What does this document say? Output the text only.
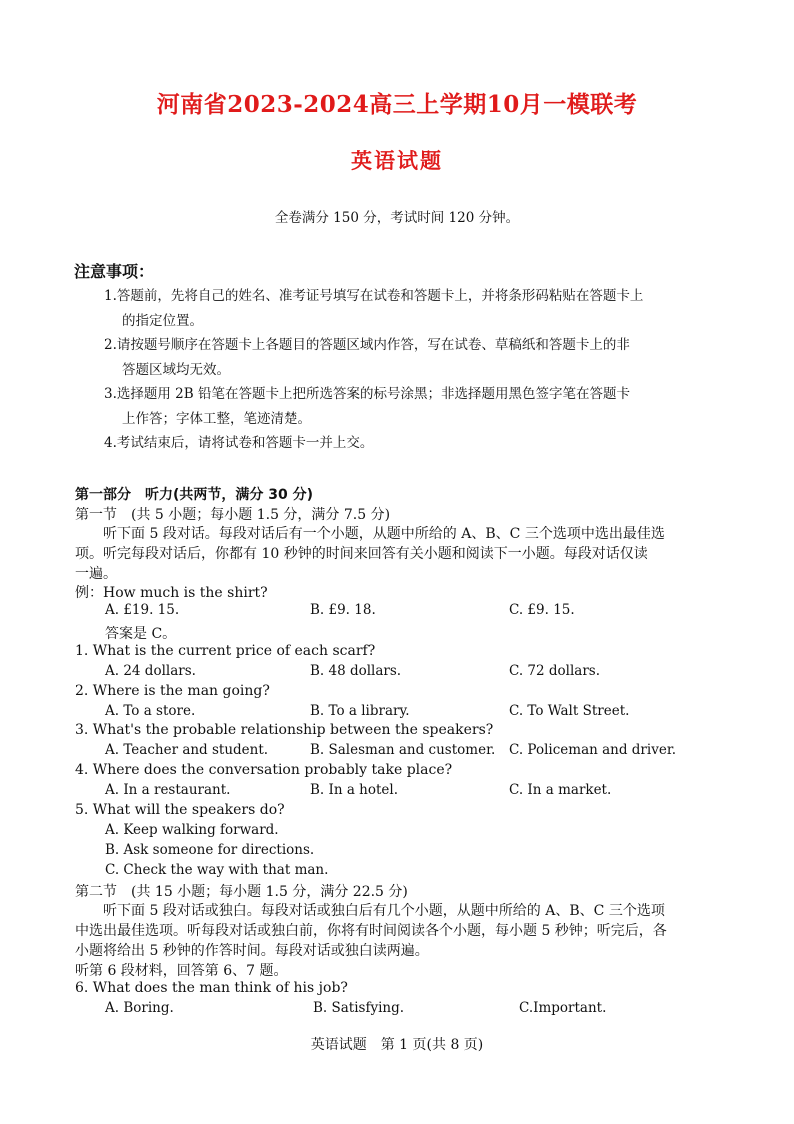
河南省2023-2024高三上学期10月一模联考
英语试题
全卷满分 150 分，考试时间 120 分钟。
注意事项：
1.答题前，先将自己的姓名、准考证号填写在试卷和答题卡上，并将条形码粘贴在答题卡上
的指定位置。
2.请按题号顺序在答题卡上各题目的答题区域内作答，写在试卷、草稿纸和答题卡上的非
答题区域均无效。
3.选择题用 2B 铅笔在答题卡上把所选答案的标号涂黑；非选择题用黑色签字笔在答题卡
上作答；字体工整，笔迹清楚。
4.考试结束后，请将试卷和答题卡一并上交。
第一部分　听力(共两节，满分 30 分)
第一节　(共 5 小题；每小题 1.5 分，满分 7.5 分)
听下面 5 段对话。每段对话后有一个小题，从题中所给的 A、B、C 三个选项中选出最佳选
项。听完每段对话后，你都有 10 秒钟的时间来回答有关小题和阅读下一小题。每段对话仅读
一遍。
例：How much is the shirt?
A. £19. 15.	B. £9. 18.	C. £9. 15.
答案是 C。
1. What is the current price of each scarf?
A. 24 dollars.	B. 48 dollars.	C. 72 dollars.
2. Where is the man going?
A. To a store.	B. To a library.	C. To Walt Street.
3. What's the probable relationship between the speakers?
A. Teacher and student.	B. Salesman and customer. C. Policeman and driver.
4. Where does the conversation probably take place?
A. In a restaurant.	B. In a hotel.	C. In a market.
5. What will the speakers do?
A. Keep walking forward.
B. Ask someone for directions.
C. Check the way with that man.
第二节　(共 15 小题；每小题 1.5 分，满分 22.5 分)
听下面 5 段对话或独白。每段对话或独白后有几个小题，从题中所给的 A、B、C 三个选项
中选出最佳选项。听每段对话或独白前，你将有时间阅读各个小题，每小题 5 秒钟；听完后，各
小题将给出 5 秒钟的作答时间。每段对话或独白读两遍。
听第 6 段材料，回答第 6、7 题。
6. What does the man think of his job?
A. Boring.	B. Satisfying.	C.Important.
英语试题　第 1 页(共 8 页)
